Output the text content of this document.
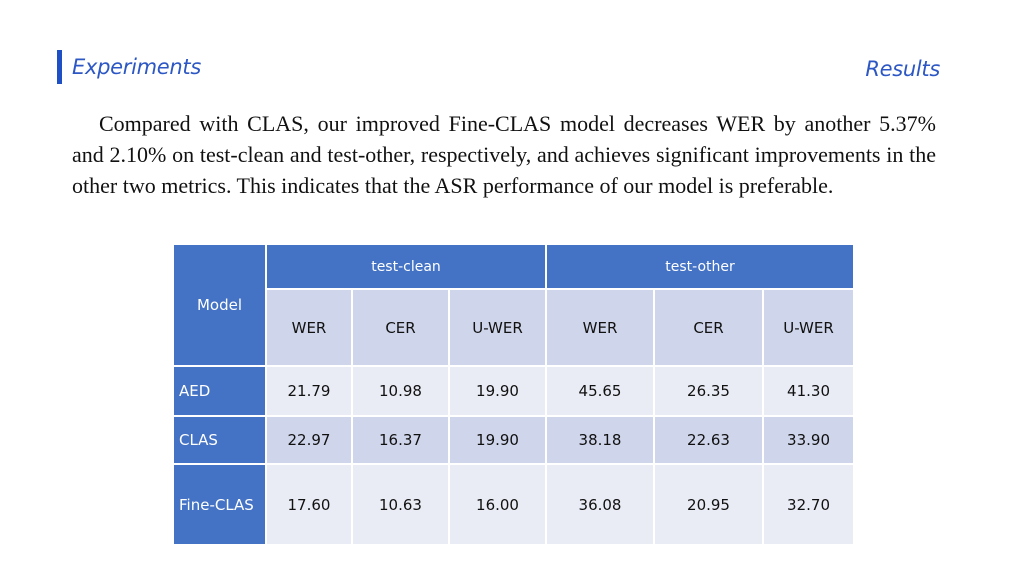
Experiments	Results

Compared with CLAS, our improved Fine-CLAS model decreases WER by another 5.37% and 2.10% on test-clean and test-other, respectively, and achieves significant improvements in the other two metrics. This indicates that the ASR performance of our model is preferable.

Model	test-clean			test-other		
	WER	CER	U-WER	WER	CER	U-WER
AED	21.79	10.98	19.90	45.65	26.35	41.30
CLAS	22.97	16.37	19.90	38.18	22.63	33.90
Fine-CLAS	17.60	10.63	16.00	36.08	20.95	32.70
